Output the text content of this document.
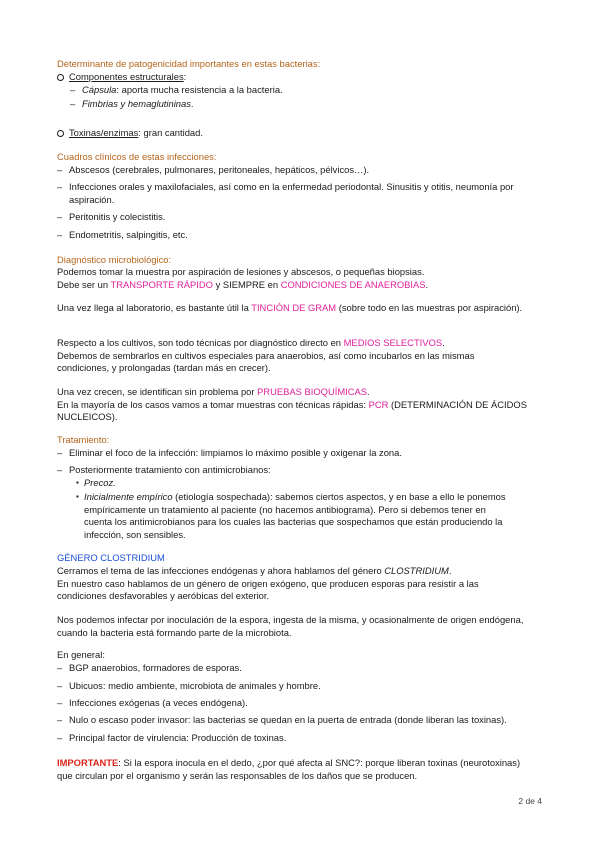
Determinante de patogenicidad importantes en estas bacterias:
Componentes estructurales:
– Cápsula: aporta mucha resistencia a la bacteria.
– Fimbrias y hemaglutininas.
Toxinas/enzimas: gran cantidad.
Cuadros clínicos de estas infecciones:
– Abscesos (cerebrales, pulmonares, peritoneales, hepáticos, pélvicos…).
– Infecciones orales y maxilofaciales, así como en la enfermedad periodontal. Sinusitis y otitis, neumonía por aspiración.
– Peritonitis y colecistitis.
– Endometritis, salpingitis, etc.
Diagnóstico microbiológico:
Podemos tomar la muestra por aspiración de lesiones y abscesos, o pequeñas biopsias.
Debe ser un TRANSPORTE RÁPIDO y SIEMPRE en CONDICIONES DE ANAEROBIAS.
Una vez llega al laboratorio, es bastante útil la TINCIÓN DE GRAM (sobre todo en las muestras por aspiración).
Respecto a los cultivos, son todo técnicas por diagnóstico directo en MEDIOS SELECTIVOS.
Debemos de sembrarlos en cultivos especiales para anaerobios, así como incubarlos en las mismas condiciones, y prolongadas (tardan más en crecer).
Una vez crecen, se identifican sin problema por PRUEBAS BIOQUÍMICAS.
En la mayoría de los casos vamos a tomar muestras con técnicas rápidas: PCR (DETERMINACIÓN DE ÁCIDOS NUCLEICOS).
Tratamiento:
– Eliminar el foco de la infección: limpiamos lo máximo posible y oxigenar la zona.
– Posteriormente tratamiento con antimicrobianos:
▪ Precoz.
▪ Inicialmente empírico (etiología sospechada): sabemos ciertos aspectos, y en base a ello le ponemos empíricamente un tratamiento al paciente (no hacemos antibiograma). Pero si debemos tener en cuenta los antimicrobianos para los cuales las bacterias que sospechamos que están produciendo la infección, son sensibles.
GÉNERO CLOSTRIDIUM
Cerramos el tema de las infecciones endógenas y ahora hablamos del género CLOSTRIDIUM.
En nuestro caso hablamos de un género de origen exógeno, que producen esporas para resistir a las condiciones desfavorables y aeróbicas del exterior.
Nos podemos infectar por inoculación de la espora, ingesta de la misma, y ocasionalmente de origen endógena, cuando la bacteria está formando parte de la microbiota.
En general:
– BGP anaerobios, formadores de esporas.
– Ubicuos: medio ambiente, microbiota de animales y hombre.
– Infecciones exógenas (a veces endógena).
– Nulo o escaso poder invasor: las bacterias se quedan en la puerta de entrada (donde liberan las toxinas).
– Principal factor de virulencia: Producción de toxinas.
IMPORTANTE: Si la espora inocula en el dedo, ¿por qué afecta al SNC?: porque liberan toxinas (neurotoxinas) que circulan por el organismo y serán las responsables de los daños que se producen.
2 de 4
